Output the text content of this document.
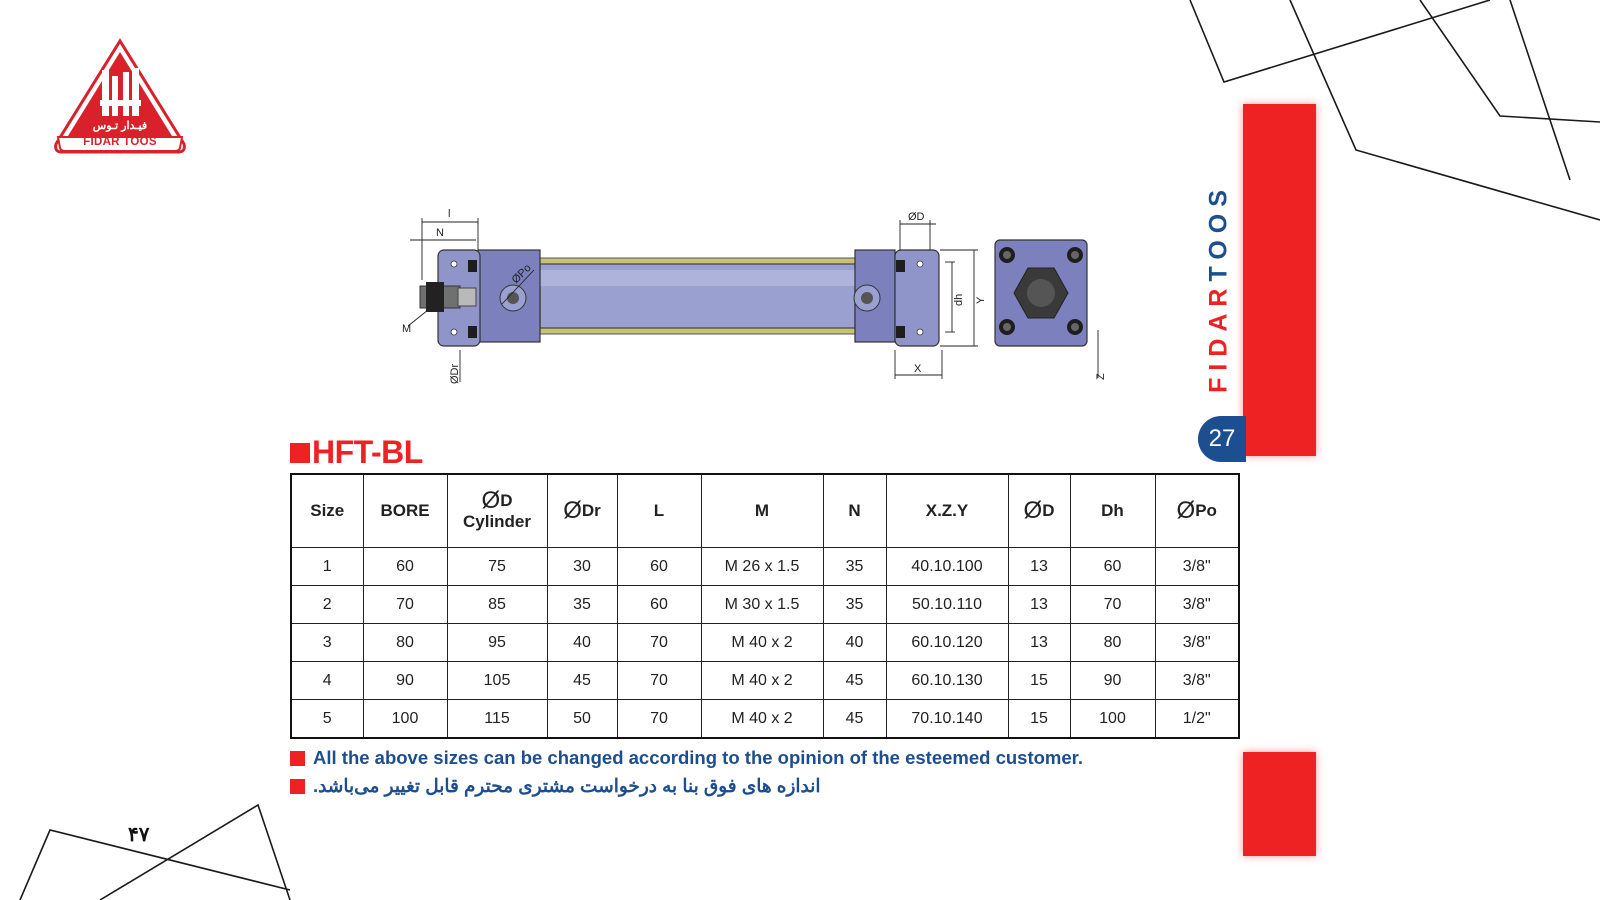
فیـدار تـوس
FIDAR TOOS
l
N
M
ØDr
ØPo
ØD
dh Y
X
Z	FIDARTOOS
27
HFT-BL
Size	BORE	ØD
Cylinder	ØDr	L	M	N	X.Z.Y	ØD	Dh	ØPo
1	60	75	30	60	M 26 x 1.5	35	40.10.100	13	60	3/8"
2	70	85	35	60	M 30 x 1.5	35	50.10.110	13	70	3/8"
3	80	95	40	70	M 40 x 2	40	60.10.120	13	80	3/8"
4	90	105	45	70	M 40 x 2	45	60.10.130	15	90	3/8"
5	100	115	50	70	M 40 x 2	45	70.10.140	15	100	1/2"
All the above sizes can be changed according to the opinion of the esteemed customer.
اندازه های فوق بنا به درخواست مشتری محترم قابل تغییر می‌باشد.
۴۷
